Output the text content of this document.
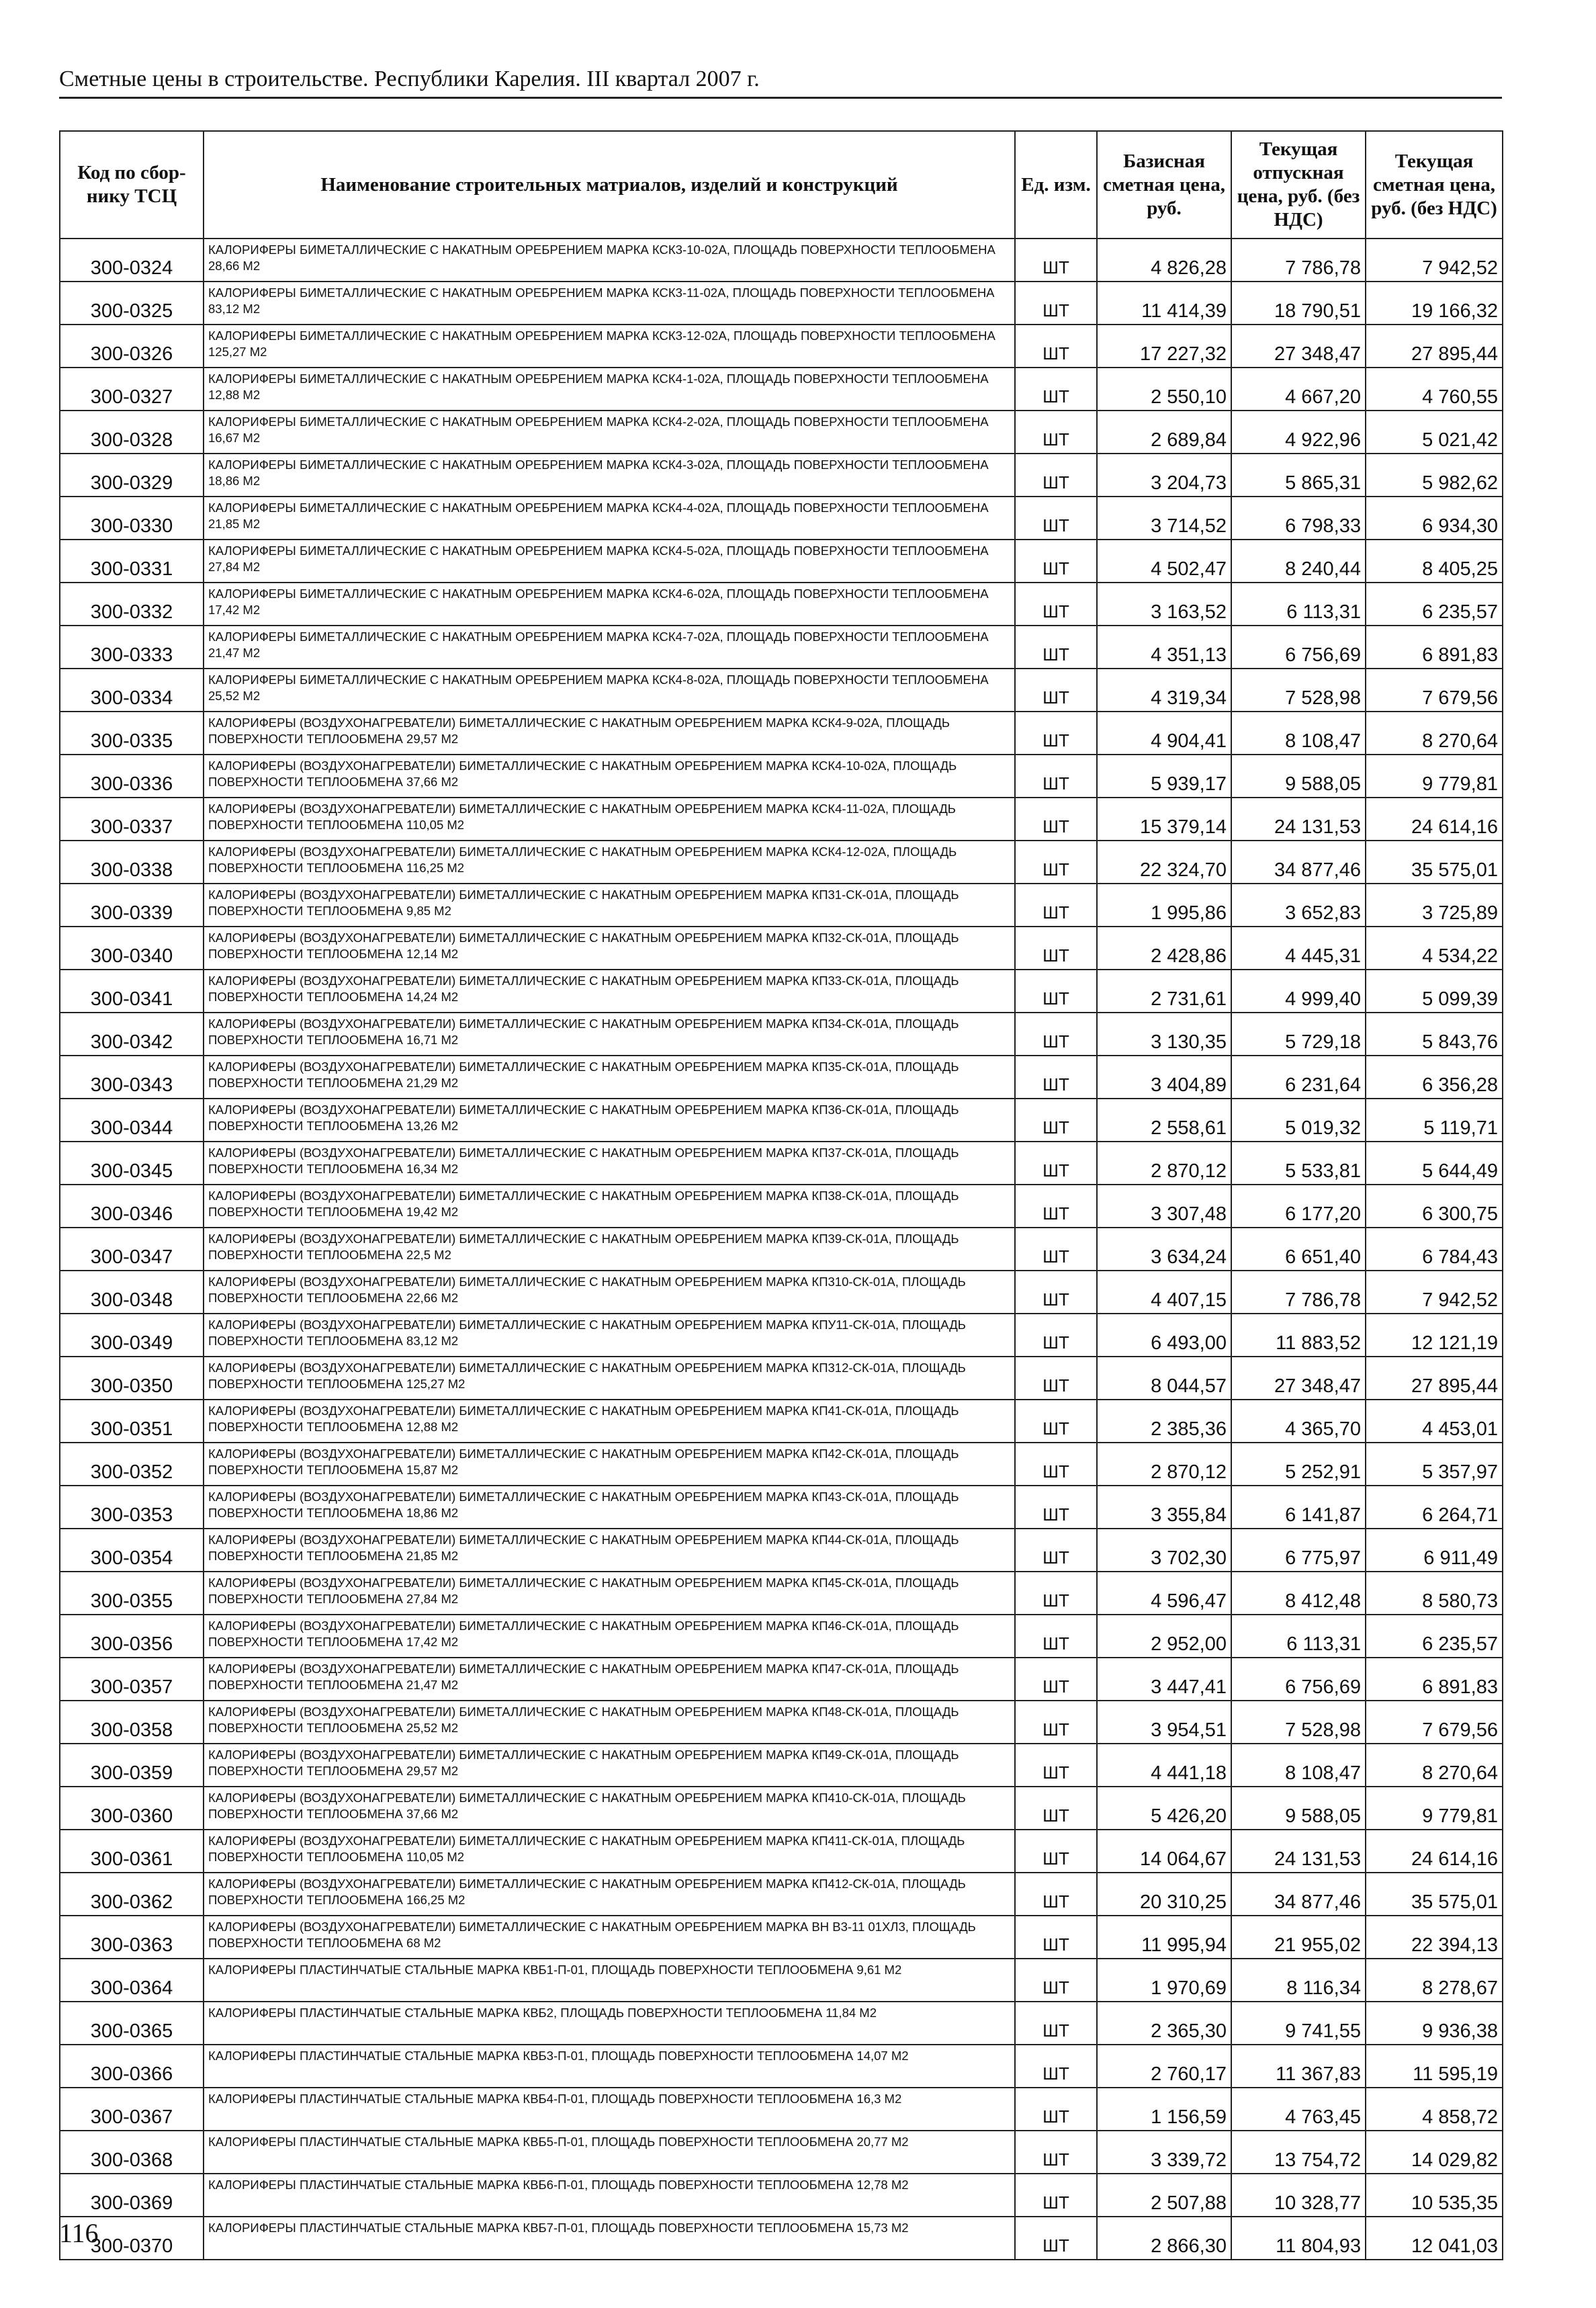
Сметные цены в строительстве. Республики Карелия. III квартал 2007 г.
Код по сбор- нику ТСЦ	Наименование строительных матриалов, изделий и конструкций	Ед. изм.	Базисная сметная цена, руб.	Текущая отпускная цена, руб. (без НДС)	Текущая сметная цена, руб. (без НДС)
300-0324	КАЛОРИФЕРЫ БИМЕТАЛЛИЧЕСКИЕ С НАКАТНЫМ ОРЕБРЕНИЕМ МАРКА КСК3-10-02А, ПЛОЩАДЬ ПОВЕРХНОСТИ ТЕПЛООБМЕНА 28,66 М2	ШТ	4 826,28	7 786,78	7 942,52
300-0325	КАЛОРИФЕРЫ БИМЕТАЛЛИЧЕСКИЕ С НАКАТНЫМ ОРЕБРЕНИЕМ МАРКА КСК3-11-02А, ПЛОЩАДЬ ПОВЕРХНОСТИ ТЕПЛООБМЕНА 83,12 М2	ШТ	11 414,39	18 790,51	19 166,32
300-0326	КАЛОРИФЕРЫ БИМЕТАЛЛИЧЕСКИЕ С НАКАТНЫМ ОРЕБРЕНИЕМ МАРКА КСК3-12-02А, ПЛОЩАДЬ ПОВЕРХНОСТИ ТЕПЛООБМЕНА 125,27 М2	ШТ	17 227,32	27 348,47	27 895,44
300-0327	КАЛОРИФЕРЫ БИМЕТАЛЛИЧЕСКИЕ С НАКАТНЫМ ОРЕБРЕНИЕМ МАРКА КСК4-1-02А, ПЛОЩАДЬ ПОВЕРХНОСТИ ТЕПЛООБМЕНА 12,88 М2	ШТ	2 550,10	4 667,20	4 760,55
300-0328	КАЛОРИФЕРЫ БИМЕТАЛЛИЧЕСКИЕ С НАКАТНЫМ ОРЕБРЕНИЕМ МАРКА КСК4-2-02А, ПЛОЩАДЬ ПОВЕРХНОСТИ ТЕПЛООБМЕНА 16,67 М2	ШТ	2 689,84	4 922,96	5 021,42
300-0329	КАЛОРИФЕРЫ БИМЕТАЛЛИЧЕСКИЕ С НАКАТНЫМ ОРЕБРЕНИЕМ МАРКА КСК4-3-02А, ПЛОЩАДЬ ПОВЕРХНОСТИ ТЕПЛООБМЕНА 18,86 М2	ШТ	3 204,73	5 865,31	5 982,62
300-0330	КАЛОРИФЕРЫ БИМЕТАЛЛИЧЕСКИЕ С НАКАТНЫМ ОРЕБРЕНИЕМ МАРКА КСК4-4-02А, ПЛОЩАДЬ ПОВЕРХНОСТИ ТЕПЛООБМЕНА 21,85 М2	ШТ	3 714,52	6 798,33	6 934,30
300-0331	КАЛОРИФЕРЫ БИМЕТАЛЛИЧЕСКИЕ С НАКАТНЫМ ОРЕБРЕНИЕМ МАРКА КСК4-5-02А, ПЛОЩАДЬ ПОВЕРХНОСТИ ТЕПЛООБМЕНА 27,84 М2	ШТ	4 502,47	8 240,44	8 405,25
300-0332	КАЛОРИФЕРЫ БИМЕТАЛЛИЧЕСКИЕ С НАКАТНЫМ ОРЕБРЕНИЕМ МАРКА КСК4-6-02А, ПЛОЩАДЬ ПОВЕРХНОСТИ ТЕПЛООБМЕНА 17,42 М2	ШТ	3 163,52	6 113,31	6 235,57
300-0333	КАЛОРИФЕРЫ БИМЕТАЛЛИЧЕСКИЕ С НАКАТНЫМ ОРЕБРЕНИЕМ МАРКА КСК4-7-02А, ПЛОЩАДЬ ПОВЕРХНОСТИ ТЕПЛООБМЕНА 21,47 М2	ШТ	4 351,13	6 756,69	6 891,83
300-0334	КАЛОРИФЕРЫ БИМЕТАЛЛИЧЕСКИЕ С НАКАТНЫМ ОРЕБРЕНИЕМ МАРКА КСК4-8-02А, ПЛОЩАДЬ ПОВЕРХНОСТИ ТЕПЛООБМЕНА 25,52 М2	ШТ	4 319,34	7 528,98	7 679,56
300-0335	КАЛОРИФЕРЫ (ВОЗДУХОНАГРЕВАТЕЛИ) БИМЕТАЛЛИЧЕСКИЕ С НАКАТНЫМ ОРЕБРЕНИЕМ МАРКА КСК4-9-02А, ПЛОЩАДЬ ПОВЕРХНОСТИ ТЕПЛООБМЕНА 29,57 М2	ШТ	4 904,41	8 108,47	8 270,64
300-0336	КАЛОРИФЕРЫ (ВОЗДУХОНАГРЕВАТЕЛИ) БИМЕТАЛЛИЧЕСКИЕ С НАКАТНЫМ ОРЕБРЕНИЕМ МАРКА КСК4-10-02А, ПЛОЩАДЬ ПОВЕРХНОСТИ ТЕПЛООБМЕНА 37,66 М2	ШТ	5 939,17	9 588,05	9 779,81
300-0337	КАЛОРИФЕРЫ (ВОЗДУХОНАГРЕВАТЕЛИ) БИМЕТАЛЛИЧЕСКИЕ С НАКАТНЫМ ОРЕБРЕНИЕМ МАРКА КСК4-11-02А, ПЛОЩАДЬ ПОВЕРХНОСТИ ТЕПЛООБМЕНА 110,05 М2	ШТ	15 379,14	24 131,53	24 614,16
300-0338	КАЛОРИФЕРЫ (ВОЗДУХОНАГРЕВАТЕЛИ) БИМЕТАЛЛИЧЕСКИЕ С НАКАТНЫМ ОРЕБРЕНИЕМ МАРКА КСК4-12-02А, ПЛОЩАДЬ ПОВЕРХНОСТИ ТЕПЛООБМЕНА 116,25 М2	ШТ	22 324,70	34 877,46	35 575,01
300-0339	КАЛОРИФЕРЫ (ВОЗДУХОНАГРЕВАТЕЛИ) БИМЕТАЛЛИЧЕСКИЕ С НАКАТНЫМ ОРЕБРЕНИЕМ МАРКА КП31-СК-01А, ПЛОЩАДЬ ПОВЕРХНОСТИ ТЕПЛООБМЕНА 9,85 М2	ШТ	1 995,86	3 652,83	3 725,89
300-0340	КАЛОРИФЕРЫ (ВОЗДУХОНАГРЕВАТЕЛИ) БИМЕТАЛЛИЧЕСКИЕ С НАКАТНЫМ ОРЕБРЕНИЕМ МАРКА КП32-СК-01А, ПЛОЩАДЬ ПОВЕРХНОСТИ ТЕПЛООБМЕНА 12,14 М2	ШТ	2 428,86	4 445,31	4 534,22
300-0341	КАЛОРИФЕРЫ (ВОЗДУХОНАГРЕВАТЕЛИ) БИМЕТАЛЛИЧЕСКИЕ С НАКАТНЫМ ОРЕБРЕНИЕМ МАРКА КП33-СК-01А, ПЛОЩАДЬ ПОВЕРХНОСТИ ТЕПЛООБМЕНА 14,24 М2	ШТ	2 731,61	4 999,40	5 099,39
300-0342	КАЛОРИФЕРЫ (ВОЗДУХОНАГРЕВАТЕЛИ) БИМЕТАЛЛИЧЕСКИЕ С НАКАТНЫМ ОРЕБРЕНИЕМ МАРКА КП34-СК-01А, ПЛОЩАДЬ ПОВЕРХНОСТИ ТЕПЛООБМЕНА 16,71 М2	ШТ	3 130,35	5 729,18	5 843,76
300-0343	КАЛОРИФЕРЫ (ВОЗДУХОНАГРЕВАТЕЛИ) БИМЕТАЛЛИЧЕСКИЕ С НАКАТНЫМ ОРЕБРЕНИЕМ МАРКА КП35-СК-01А, ПЛОЩАДЬ ПОВЕРХНОСТИ ТЕПЛООБМЕНА 21,29 М2	ШТ	3 404,89	6 231,64	6 356,28
300-0344	КАЛОРИФЕРЫ (ВОЗДУХОНАГРЕВАТЕЛИ) БИМЕТАЛЛИЧЕСКИЕ С НАКАТНЫМ ОРЕБРЕНИЕМ МАРКА КП36-СК-01А, ПЛОЩАДЬ ПОВЕРХНОСТИ ТЕПЛООБМЕНА 13,26 М2	ШТ	2 558,61	5 019,32	5 119,71
300-0345	КАЛОРИФЕРЫ (ВОЗДУХОНАГРЕВАТЕЛИ) БИМЕТАЛЛИЧЕСКИЕ С НАКАТНЫМ ОРЕБРЕНИЕМ МАРКА КП37-СК-01А, ПЛОЩАДЬ ПОВЕРХНОСТИ ТЕПЛООБМЕНА 16,34 М2	ШТ	2 870,12	5 533,81	5 644,49
300-0346	КАЛОРИФЕРЫ (ВОЗДУХОНАГРЕВАТЕЛИ) БИМЕТАЛЛИЧЕСКИЕ С НАКАТНЫМ ОРЕБРЕНИЕМ МАРКА КП38-СК-01А, ПЛОЩАДЬ ПОВЕРХНОСТИ ТЕПЛООБМЕНА 19,42 М2	ШТ	3 307,48	6 177,20	6 300,75
300-0347	КАЛОРИФЕРЫ (ВОЗДУХОНАГРЕВАТЕЛИ) БИМЕТАЛЛИЧЕСКИЕ С НАКАТНЫМ ОРЕБРЕНИЕМ МАРКА КП39-СК-01А, ПЛОЩАДЬ ПОВЕРХНОСТИ ТЕПЛООБМЕНА 22,5 М2	ШТ	3 634,24	6 651,40	6 784,43
300-0348	КАЛОРИФЕРЫ (ВОЗДУХОНАГРЕВАТЕЛИ) БИМЕТАЛЛИЧЕСКИЕ С НАКАТНЫМ ОРЕБРЕНИЕМ МАРКА КП310-СК-01А, ПЛОЩАДЬ ПОВЕРХНОСТИ ТЕПЛООБМЕНА 22,66 М2	ШТ	4 407,15	7 786,78	7 942,52
300-0349	КАЛОРИФЕРЫ (ВОЗДУХОНАГРЕВАТЕЛИ) БИМЕТАЛЛИЧЕСКИЕ С НАКАТНЫМ ОРЕБРЕНИЕМ МАРКА КПУ11-СК-01А, ПЛОЩАДЬ ПОВЕРХНОСТИ ТЕПЛООБМЕНА 83,12 М2	ШТ	6 493,00	11 883,52	12 121,19
300-0350	КАЛОРИФЕРЫ (ВОЗДУХОНАГРЕВАТЕЛИ) БИМЕТАЛЛИЧЕСКИЕ С НАКАТНЫМ ОРЕБРЕНИЕМ МАРКА КП312-СК-01А, ПЛОЩАДЬ ПОВЕРХНОСТИ ТЕПЛООБМЕНА 125,27 М2	ШТ	8 044,57	27 348,47	27 895,44
300-0351	КАЛОРИФЕРЫ (ВОЗДУХОНАГРЕВАТЕЛИ) БИМЕТАЛЛИЧЕСКИЕ С НАКАТНЫМ ОРЕБРЕНИЕМ МАРКА КП41-СК-01А, ПЛОЩАДЬ ПОВЕРХНОСТИ ТЕПЛООБМЕНА 12,88 М2	ШТ	2 385,36	4 365,70	4 453,01
300-0352	КАЛОРИФЕРЫ (ВОЗДУХОНАГРЕВАТЕЛИ) БИМЕТАЛЛИЧЕСКИЕ С НАКАТНЫМ ОРЕБРЕНИЕМ МАРКА КП42-СК-01А, ПЛОЩАДЬ ПОВЕРХНОСТИ ТЕПЛООБМЕНА 15,87 М2	ШТ	2 870,12	5 252,91	5 357,97
300-0353	КАЛОРИФЕРЫ (ВОЗДУХОНАГРЕВАТЕЛИ) БИМЕТАЛЛИЧЕСКИЕ С НАКАТНЫМ ОРЕБРЕНИЕМ МАРКА КП43-СК-01А, ПЛОЩАДЬ ПОВЕРХНОСТИ ТЕПЛООБМЕНА 18,86 М2	ШТ	3 355,84	6 141,87	6 264,71
300-0354	КАЛОРИФЕРЫ (ВОЗДУХОНАГРЕВАТЕЛИ) БИМЕТАЛЛИЧЕСКИЕ С НАКАТНЫМ ОРЕБРЕНИЕМ МАРКА КП44-СК-01А, ПЛОЩАДЬ ПОВЕРХНОСТИ ТЕПЛООБМЕНА 21,85 М2	ШТ	3 702,30	6 775,97	6 911,49
300-0355	КАЛОРИФЕРЫ (ВОЗДУХОНАГРЕВАТЕЛИ) БИМЕТАЛЛИЧЕСКИЕ С НАКАТНЫМ ОРЕБРЕНИЕМ МАРКА КП45-СК-01А, ПЛОЩАДЬ ПОВЕРХНОСТИ ТЕПЛООБМЕНА 27,84 М2	ШТ	4 596,47	8 412,48	8 580,73
300-0356	КАЛОРИФЕРЫ (ВОЗДУХОНАГРЕВАТЕЛИ) БИМЕТАЛЛИЧЕСКИЕ С НАКАТНЫМ ОРЕБРЕНИЕМ МАРКА КП46-СК-01А, ПЛОЩАДЬ ПОВЕРХНОСТИ ТЕПЛООБМЕНА 17,42 М2	ШТ	2 952,00	6 113,31	6 235,57
300-0357	КАЛОРИФЕРЫ (ВОЗДУХОНАГРЕВАТЕЛИ) БИМЕТАЛЛИЧЕСКИЕ С НАКАТНЫМ ОРЕБРЕНИЕМ МАРКА КП47-СК-01А, ПЛОЩАДЬ ПОВЕРХНОСТИ ТЕПЛООБМЕНА 21,47 М2	ШТ	3 447,41	6 756,69	6 891,83
300-0358	КАЛОРИФЕРЫ (ВОЗДУХОНАГРЕВАТЕЛИ) БИМЕТАЛЛИЧЕСКИЕ С НАКАТНЫМ ОРЕБРЕНИЕМ МАРКА КП48-СК-01А, ПЛОЩАДЬ ПОВЕРХНОСТИ ТЕПЛООБМЕНА 25,52 М2	ШТ	3 954,51	7 528,98	7 679,56
300-0359	КАЛОРИФЕРЫ (ВОЗДУХОНАГРЕВАТЕЛИ) БИМЕТАЛЛИЧЕСКИЕ С НАКАТНЫМ ОРЕБРЕНИЕМ МАРКА КП49-СК-01А, ПЛОЩАДЬ ПОВЕРХНОСТИ ТЕПЛООБМЕНА 29,57 М2	ШТ	4 441,18	8 108,47	8 270,64
300-0360	КАЛОРИФЕРЫ (ВОЗДУХОНАГРЕВАТЕЛИ) БИМЕТАЛЛИЧЕСКИЕ С НАКАТНЫМ ОРЕБРЕНИЕМ МАРКА КП410-СК-01А, ПЛОЩАДЬ ПОВЕРХНОСТИ ТЕПЛООБМЕНА 37,66 М2	ШТ	5 426,20	9 588,05	9 779,81
300-0361	КАЛОРИФЕРЫ (ВОЗДУХОНАГРЕВАТЕЛИ) БИМЕТАЛЛИЧЕСКИЕ С НАКАТНЫМ ОРЕБРЕНИЕМ МАРКА КП411-СК-01А, ПЛОЩАДЬ ПОВЕРХНОСТИ ТЕПЛООБМЕНА 110,05 М2	ШТ	14 064,67	24 131,53	24 614,16
300-0362	КАЛОРИФЕРЫ (ВОЗДУХОНАГРЕВАТЕЛИ) БИМЕТАЛЛИЧЕСКИЕ С НАКАТНЫМ ОРЕБРЕНИЕМ МАРКА КП412-СК-01А, ПЛОЩАДЬ ПОВЕРХНОСТИ ТЕПЛООБМЕНА 166,25 М2	ШТ	20 310,25	34 877,46	35 575,01
300-0363	КАЛОРИФЕРЫ (ВОЗДУХОНАГРЕВАТЕЛИ) БИМЕТАЛЛИЧЕСКИЕ С НАКАТНЫМ ОРЕБРЕНИЕМ МАРКА ВН В3-11 01ХЛ3, ПЛОЩАДЬ ПОВЕРХНОСТИ ТЕПЛООБМЕНА 68 М2	ШТ	11 995,94	21 955,02	22 394,13
300-0364	КАЛОРИФЕРЫ ПЛАСТИНЧАТЫЕ СТАЛЬНЫЕ МАРКА КВБ1-П-01, ПЛОЩАДЬ ПОВЕРХНОСТИ ТЕПЛООБМЕНА 9,61 М2	ШТ	1 970,69	8 116,34	8 278,67
300-0365	КАЛОРИФЕРЫ ПЛАСТИНЧАТЫЕ СТАЛЬНЫЕ МАРКА КВБ2, ПЛОЩАДЬ ПОВЕРХНОСТИ ТЕПЛООБМЕНА 11,84 М2	ШТ	2 365,30	9 741,55	9 936,38
300-0366	КАЛОРИФЕРЫ ПЛАСТИНЧАТЫЕ СТАЛЬНЫЕ МАРКА КВБ3-П-01, ПЛОЩАДЬ ПОВЕРХНОСТИ ТЕПЛООБМЕНА 14,07 М2	ШТ	2 760,17	11 367,83	11 595,19
300-0367	КАЛОРИФЕРЫ ПЛАСТИНЧАТЫЕ СТАЛЬНЫЕ МАРКА КВБ4-П-01, ПЛОЩАДЬ ПОВЕРХНОСТИ ТЕПЛООБМЕНА 16,3 М2	ШТ	1 156,59	4 763,45	4 858,72
300-0368	КАЛОРИФЕРЫ ПЛАСТИНЧАТЫЕ СТАЛЬНЫЕ МАРКА КВБ5-П-01, ПЛОЩАДЬ ПОВЕРХНОСТИ ТЕПЛООБМЕНА 20,77 М2	ШТ	3 339,72	13 754,72	14 029,82
300-0369	КАЛОРИФЕРЫ ПЛАСТИНЧАТЫЕ СТАЛЬНЫЕ МАРКА КВБ6-П-01, ПЛОЩАДЬ ПОВЕРХНОСТИ ТЕПЛООБМЕНА 12,78 М2	ШТ	2 507,88	10 328,77	10 535,35
300-0370	КАЛОРИФЕРЫ ПЛАСТИНЧАТЫЕ СТАЛЬНЫЕ МАРКА КВБ7-П-01, ПЛОЩАДЬ ПОВЕРХНОСТИ ТЕПЛООБМЕНА 15,73 М2	ШТ	2 866,30	11 804,93	12 041,03
116
